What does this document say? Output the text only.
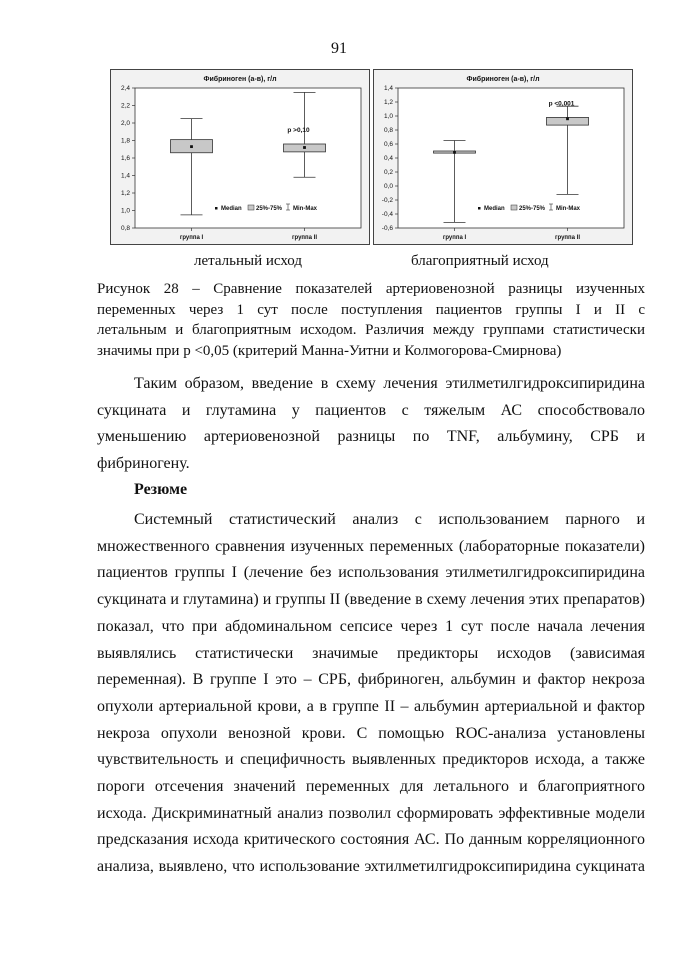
91
Фибриноген (а-в), г/л
0,8
1,0
1,2
1,4
1,6
1,8
2,0
2,2
2,4
группа I	группа II
p >0,10
Median 25%-75% Min-Max
Фибриноген (а-в), г/л
-0,6
-0,4
-0,2
0,0
0,2
0,4
0,6
0,8
1,0
1,2
1,4
группа I	группа II
p <0,001
Median 25%-75% Min-Max
летальный исход	благоприятный исход

Рисунок 28 – Сравнение показателей артериовенозной разницы изученных
переменных через 1 сут после поступления пациентов группы I и II с
летальным и благоприятным исходом. Различия между группами статистически
значимы при p <0,05 (критерий Манна-Уитни и Колмогорова-Смирнова)

Таким образом, введение в схему лечения этилметилгидроксипиридина
сукцината и глутамина у пациентов с тяжелым АС способствовало
уменьшению артериовенозной разницы по TNF, альбумину, СРБ и
фибриногену.

Резюме

Системный статистический анализ с использованием парного и
множественного сравнения изученных переменных (лабораторные показатели)
пациентов группы I (лечение без использования этилметилгидроксипиридина
сукцината и глутамина) и группы II (введение в схему лечения этих препаратов)
показал, что при абдоминальном сепсисе через 1 сут после начала лечения
выявлялись статистически значимые предикторы исходов (зависимая
переменная). В группе I это – СРБ, фибриноген, альбумин и фактор некроза
опухоли артериальной крови, а в группе II – альбумин артериальной и фактор
некроза опухоли венозной крови. С помощью ROC-анализа установлены
чувствительность и специфичность выявленных предикторов исхода, а также
пороги отсечения значений переменных для летального и благоприятного
исхода. Дискриминатный анализ позволил сформировать эффективные модели
предсказания исхода критического состояния АС. По данным корреляционного
анализа, выявлено, что использование эхтилметилгидроксипиридина сукцината
